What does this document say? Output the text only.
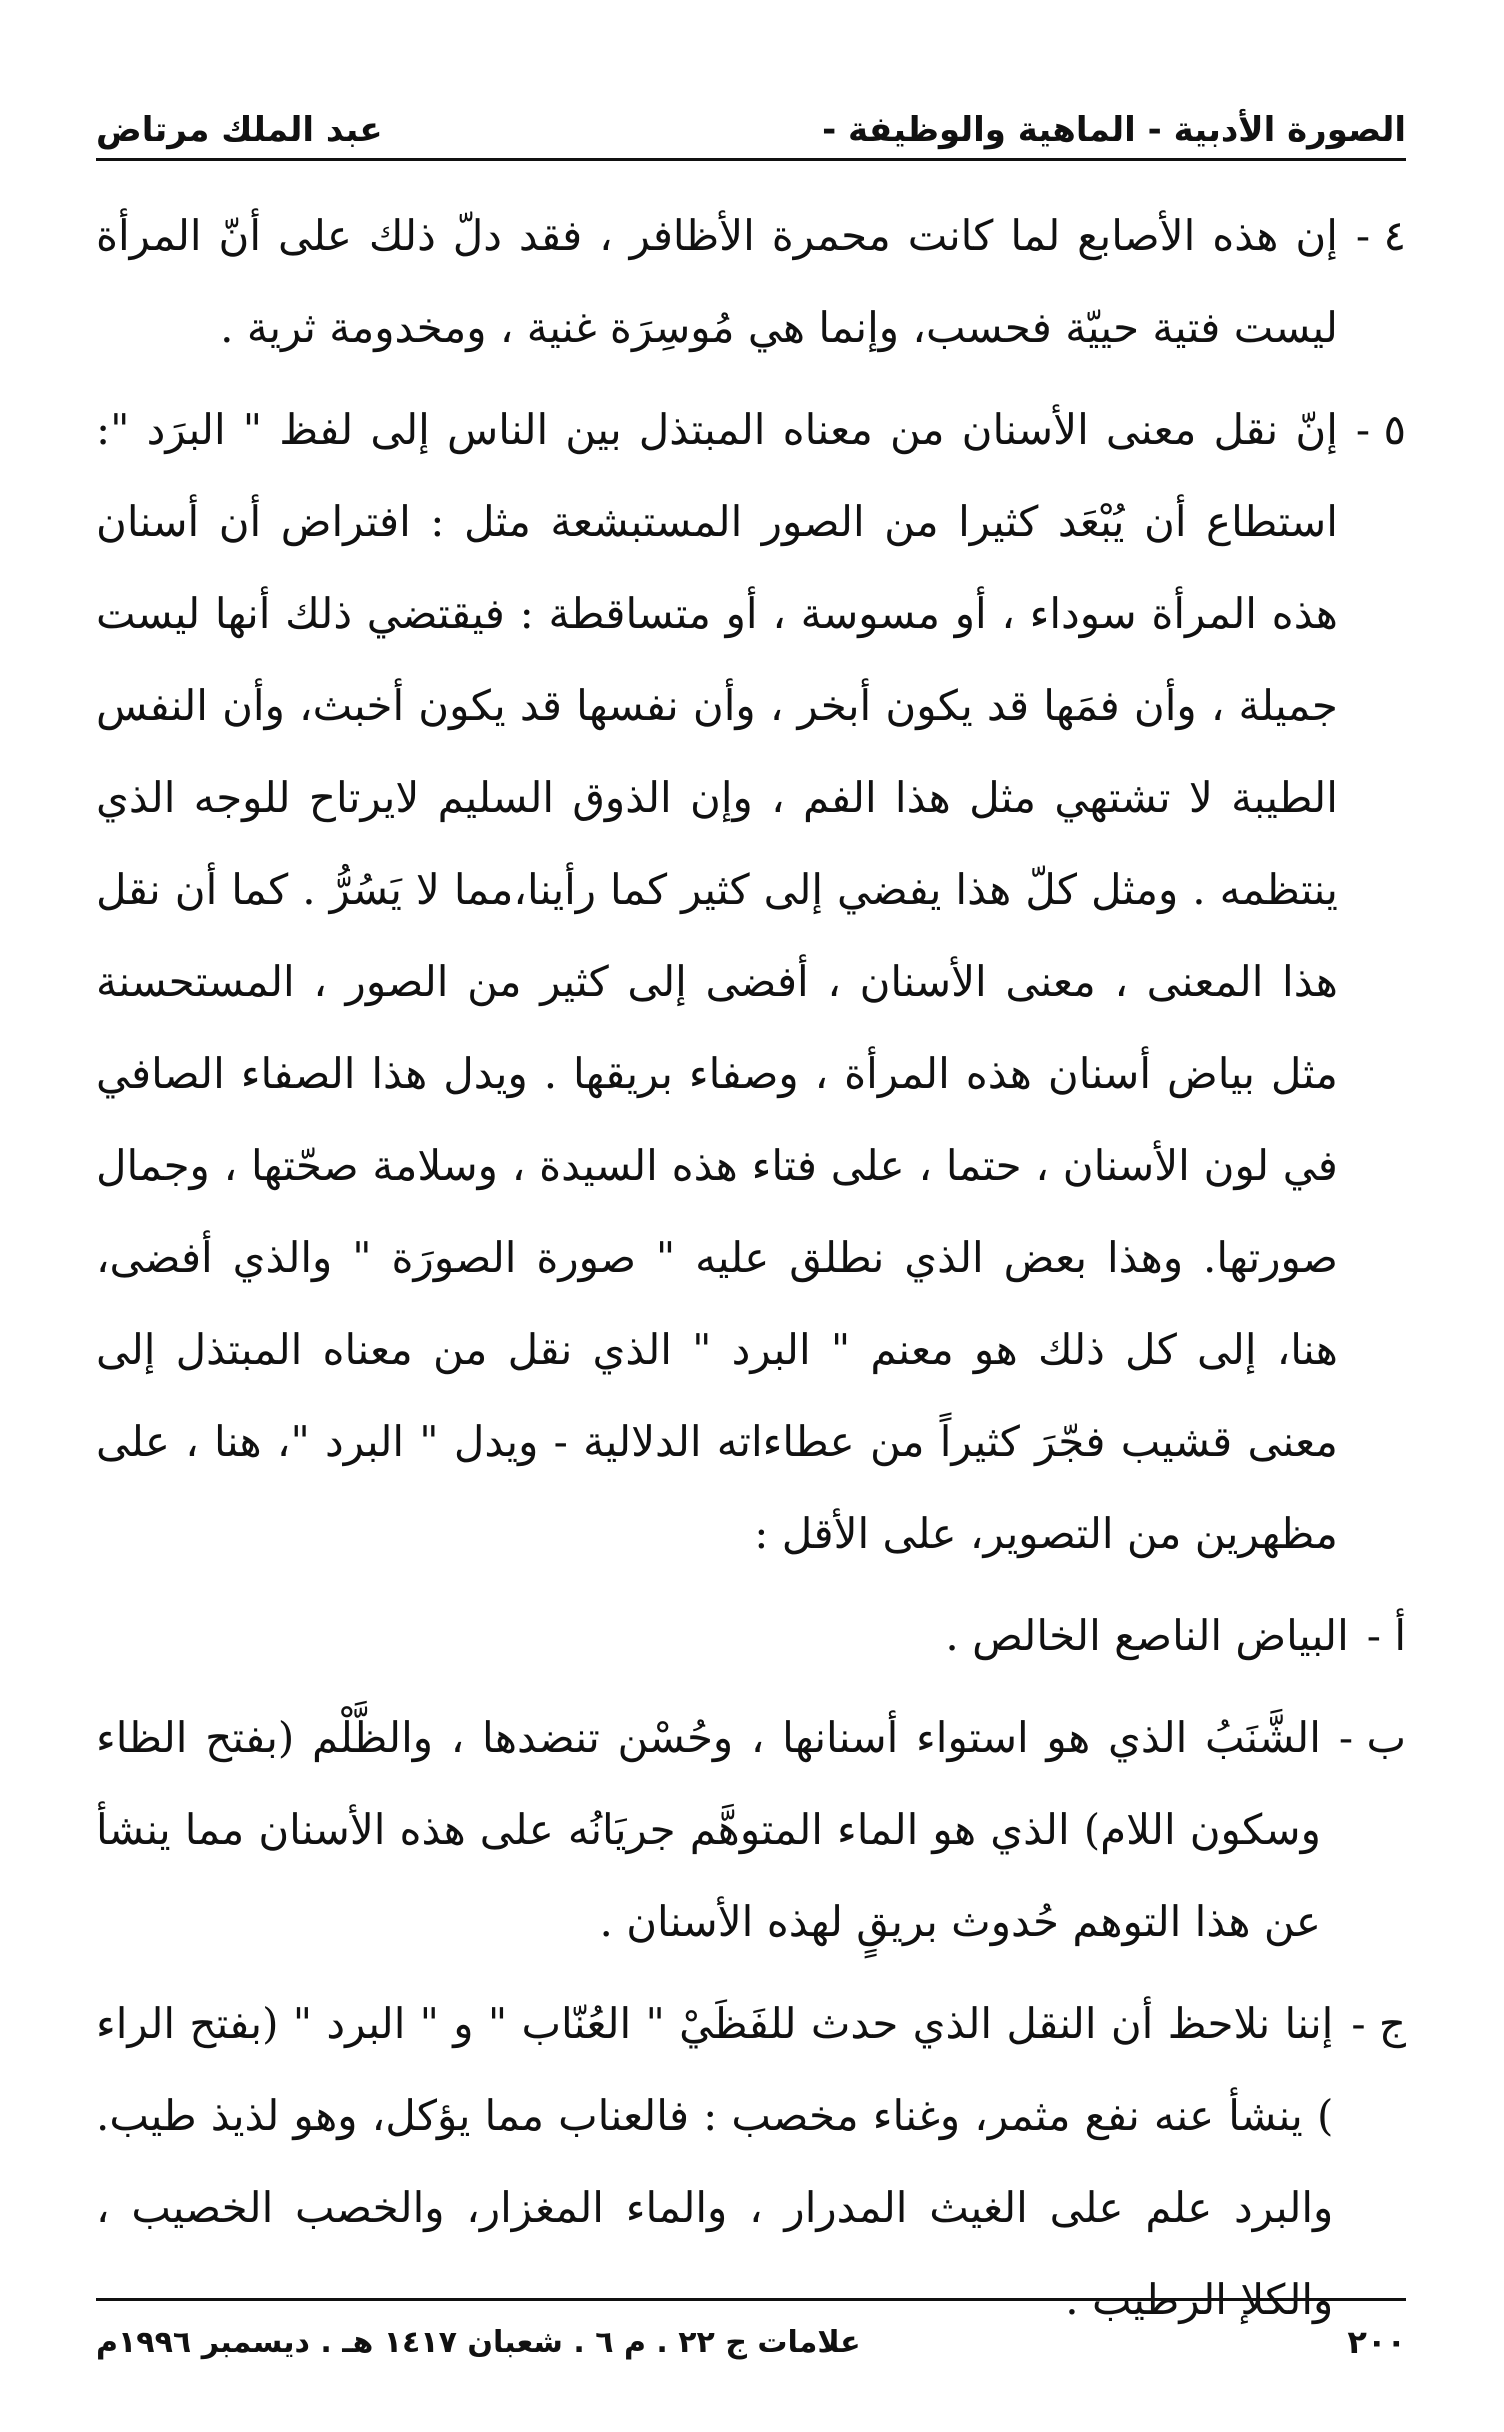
الصورة الأدبية - الماهية والوظيفة -
عبد الملك مرتاض
٤ -
إن هذه الأصابع لما كانت محمرة الأظافر ، فقد دلّ ذلك على أنّ المرأة ليست فتية حييّة فحسب، وإنما هي مُوسِرَة غنية ، ومخدومة ثرية .
٥ -
إنّ نقل معنى الأسنان من معناه المبتذل بين الناس إلى لفظ " البرَد ": استطاع أن يُبْعَد كثيرا من الصور المستبشعة مثل : افتراض أن أسنان هذه المرأة سوداء ، أو مسوسة ، أو متساقطة : فيقتضي ذلك أنها ليست جميلة ، وأن فمَها قد يكون أبخر ، وأن نفسها قد يكون أخبث، وأن النفس الطيبة لا تشتهي مثل هذا الفم ، وإن الذوق السليم لايرتاح للوجه الذي ينتظمه . ومثل كلّ هذا يفضي إلى كثير كما رأينا،مما لا يَسُرُّ . كما أن نقل هذا المعنى ، معنى الأسنان ، أفضى إلى كثير من الصور ، المستحسنة مثل بياض أسنان هذه المرأة ، وصفاء بريقها . ويدل هذا الصفاء الصافي في لون الأسنان ، حتما ، على فتاء هذه السيدة ، وسلامة صحّتها ، وجمال صورتها. وهذا بعض الذي نطلق عليه " صورة الصورَة " والذي أفضى، هنا، إلى كل ذلك هو معنم " البرد " الذي نقل من معناه المبتذل إلى معنى قشيب فجّرَ كثيراً من عطاءاته الدلالية - ويدل " البرد "، هنا ، على مظهرين من التصوير، على الأقل :
أ -
البياض الناصع الخالص .
ب -
الشَّنَبُ الذي هو استواء أسنانها ، وحُسْن تنضدها ، والظَّلْم (بفتح الظاء وسكون اللام) الذي هو الماء المتوهَّم جريَانُه على هذه الأسنان مما ينشأ عن هذا التوهم حُدوث بريقٍ لهذه الأسنان .
ج -
إننا نلاحظ أن النقل الذي حدث للفَظَيْ " العُنّاب " و " البرد " (بفتح الراء ) ينشأ عنه نفع مثمر، وغناء مخصب : فالعناب مما يؤكل، وهو لذيذ طيب. والبرد علم على الغيث المدرار ، والماء المغزار، والخصب الخصيب ، والكلإ الرطيب .
٢٠٠
علامات ج ٢٢ . م ٦ . شعبان ١٤١٧ هـ . ديسمبر ١٩٩٦م
